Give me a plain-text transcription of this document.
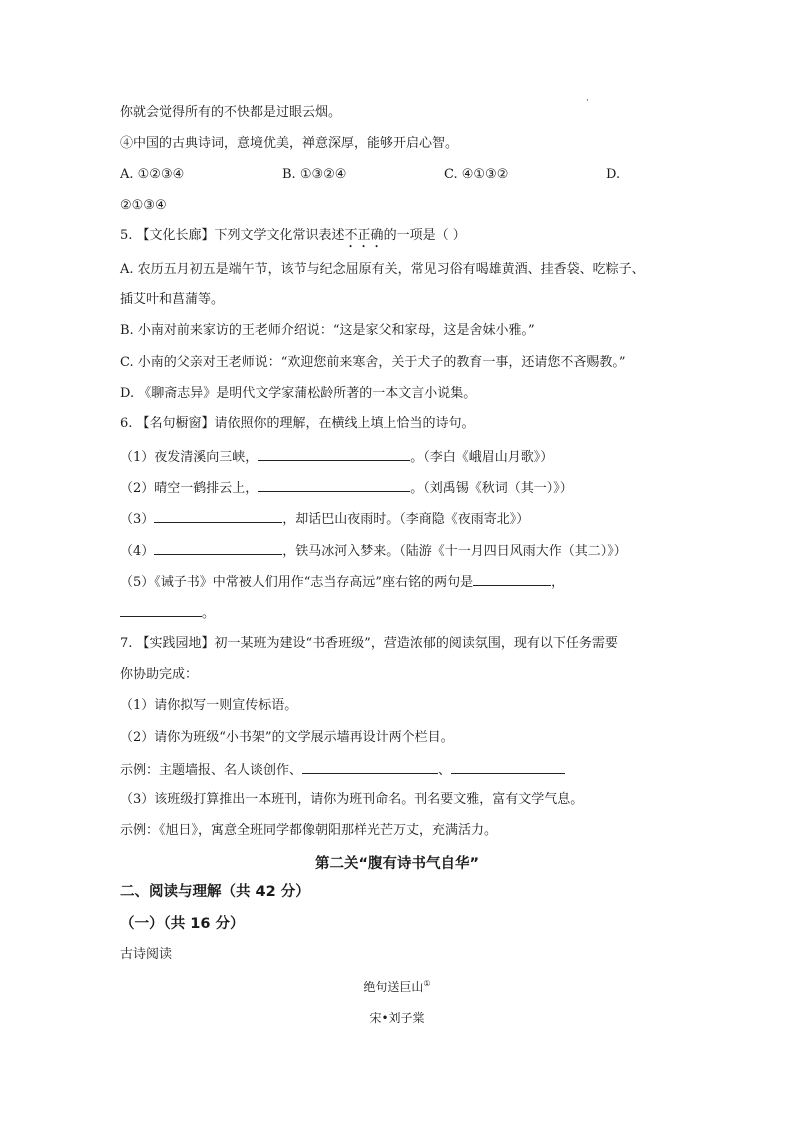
·
你就会觉得所有的不快都是过眼云烟。
④中国的古典诗词，意境优美，禅意深厚，能够开启心智。
A. ①②③④	B. ①③②④	C. ④①③②	D.
②①③④
5. 【文化长廊】下列文学文化常识表述不正确的一项是（ ）
A. 农历五月初五是端午节，该节与纪念屈原有关，常见习俗有喝雄黄酒、挂香袋、吃粽子、
插艾叶和菖蒲等。
B. 小南对前来家访的王老师介绍说：“这是家父和家母，这是舍妹小雅。”
C. 小南的父亲对王老师说：“欢迎您前来寒舍，关于犬子的教育一事，还请您不吝赐教。”
D. 《聊斋志异》是明代文学家蒲松龄所著的一本文言小说集。
6. 【名句橱窗】请依照你的理解，在横线上填上恰当的诗句。
（1）夜发清溪向三峡，	。（李白《峨眉山月歌》）
（2）晴空一鹤排云上，	。（刘禹锡《秋词（其一）》）
（3）	，却话巴山夜雨时。（李商隐《夜雨寄北》）
（4）	，铁马冰河入梦来。（陆游《十一月四日风雨大作（其二）》）
（5）《诫子书》中常被人们用作“志当存高远”座右铭的两句是	，
。
7. 【实践园地】初一某班为建设“书香班级”，营造浓郁的阅读氛围，现有以下任务需要
你协助完成：
（1）请你拟写一则宣传标语。
（2）请你为班级“小书架”的文学展示墙再设计两个栏目。
示例：主题墙报、名人谈创作、	、
（3）该班级打算推出一本班刊，请你为班刊命名。刊名要文雅，富有文学气息。
示例：《旭日》，寓意全班同学都像朝阳那样光芒万丈，充满活力。
第二关“腹有诗书气自华”
二、阅读与理解（共 42 分）
（一）（共 16 分）
古诗阅读
绝句送巨山①
宋•刘子棠
